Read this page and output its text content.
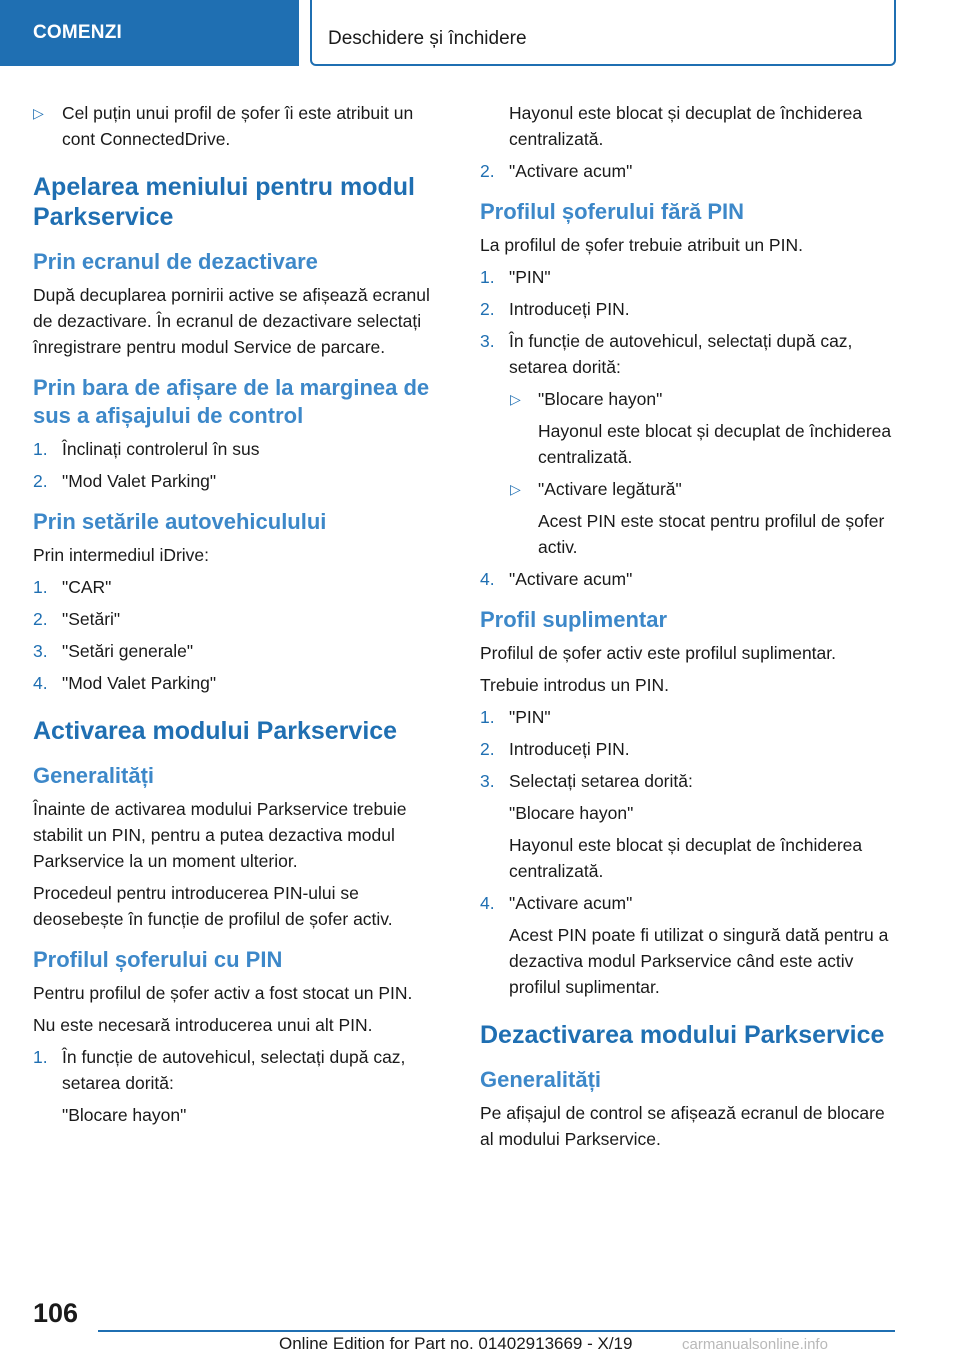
COMENZI	Deschidere și închidere
▷ Cel puțin unui profil de șofer îi este atribuit un cont ConnectedDrive.
Apelarea meniului pentru modul Parkservice
Prin ecranul de dezactivare

După decuplarea pornirii active se afișează ecranul de dezactivare. În ecranul de dezactivare selectați înregistrare pentru modul Service de parcare.

Prin bara de afișare de la marginea de sus a afișajului de control
1. Înclinați controlerul în sus
2. "Mod Valet Parking"
Prin setările autovehiculului

Prin intermediul iDrive:

1. "CAR"
2. "Setări"
3. "Setări generale"
4. "Mod Valet Parking"
Activarea modului Parkservice
Generalități

Înainte de activarea modului Parkservice trebuie stabilit un PIN, pentru a putea dezactiva modul Parkservice la un moment ulterior.

Procedeul pentru introducerea PIN-ului se deosebește în funcție de profilul de șofer activ.

Profilul șoferului cu PIN

Pentru profilul de șofer activ a fost stocat un PIN.

Nu este necesară introducerea unui alt PIN.

1. În funcție de autovehicul, selectați după caz, setarea dorită:
"Blocare hayon"
Hayonul este blocat și decuplat de închiderea centralizată.
2. "Activare acum"
Profilul șoferului fără PIN

La profilul de șofer trebuie atribuit un PIN.

1. "PIN"
2. Introduceți PIN.
3. În funcție de autovehicul, selectați după caz, setarea dorită:
▷ "Blocare hayon"
Hayonul este blocat și decuplat de închiderea centralizată.
▷ "Activare legătură"
Acest PIN este stocat pentru profilul de șofer activ.
4. "Activare acum"
Profil suplimentar

Profilul de șofer activ este profilul suplimentar.

Trebuie introdus un PIN.

1. "PIN"
2. Introduceți PIN.
3. Selectați setarea dorită:
"Blocare hayon"
Hayonul este blocat și decuplat de închiderea centralizată.
4. "Activare acum"
Acest PIN poate fi utilizat o singură dată pentru a dezactiva modul Parkservice când este activ profilul suplimentar.
Dezactivarea modului Parkservice
Generalități

Pe afișajul de control se afișează ecranul de blocare al modului Parkservice.

106
Online Edition for Part no. 01402913669 - X/19	carmanualsonline.info
